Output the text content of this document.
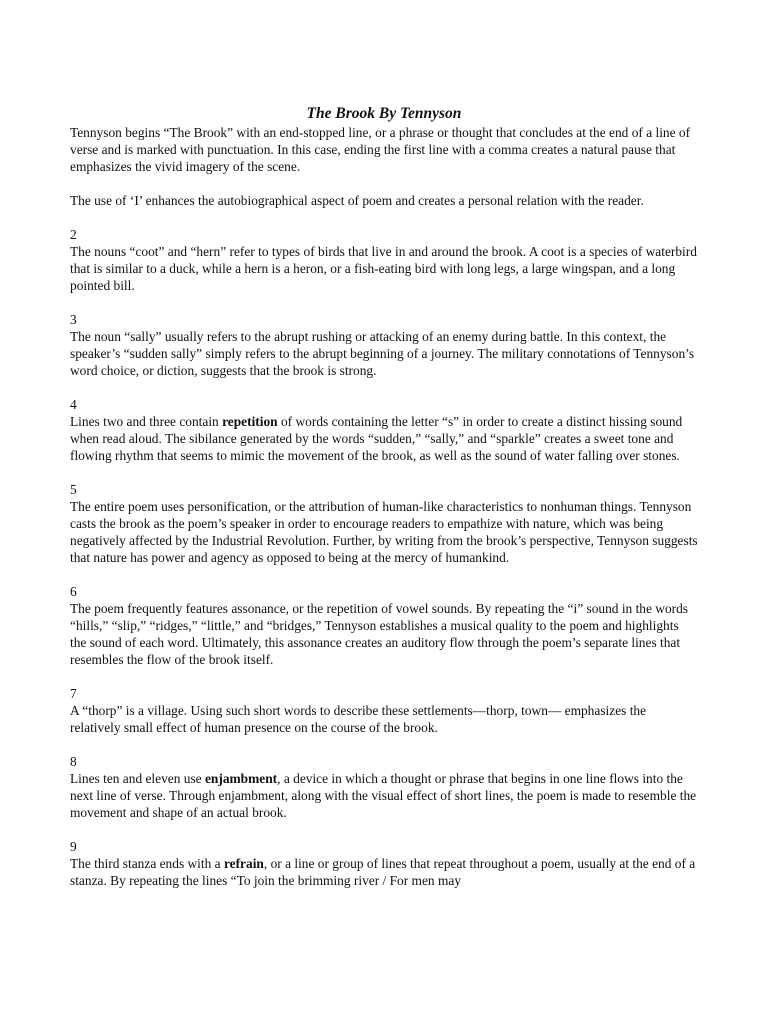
The Brook By Tennyson

Tennyson begins “The Brook” with an end-stopped line, or a phrase or thought that concludes at the end of a line of verse and is marked with punctuation. In this case, ending the first line with a comma creates a natural pause that emphasizes the vivid imagery of the scene.

The use of ‘I’ enhances the autobiographical aspect of poem and creates a personal relation with the reader.

2
The nouns “coot” and “hern” refer to types of birds that live in and around the brook. A coot is a species of waterbird that is similar to a duck, while a hern is a heron, or a fish-eating bird with long legs, a large wingspan, and a long pointed bill.
3
The noun “sally” usually refers to the abrupt rushing or attacking of an enemy during battle. In this context, the speaker’s “sudden sally” simply refers to the abrupt beginning of a journey. The military connotations of Tennyson’s word choice, or diction, suggests that the brook is strong.
4
Lines two and three contain repetition of words containing the letter “s” in order to create a distinct hissing sound when read aloud. The sibilance generated by the words “sudden,” “sally,” and “sparkle” creates a sweet tone and flowing rhythm that seems to mimic the movement of the brook, as well as the sound of water falling over stones.
5
The entire poem uses personification, or the attribution of human-like characteristics to nonhuman things. Tennyson casts the brook as the poem’s speaker in order to encourage readers to empathize with nature, which was being negatively affected by the Industrial Revolution. Further, by writing from the brook’s perspective, Tennyson suggests that nature has power and agency as opposed to being at the mercy of humankind.
6
The poem frequently features assonance, or the repetition of vowel sounds. By repeating the “i” sound in the words “hills,” “slip,” “ridges,” “little,” and “bridges,” Tennyson establishes a musical quality to the poem and highlights the sound of each word. Ultimately, this assonance creates an auditory flow through the poem’s separate lines that resembles the flow of the brook itself.
7
A “thorp” is a village. Using such short words to describe these settlements—thorp, town— emphasizes the relatively small effect of human presence on the course of the brook.
8
Lines ten and eleven use enjambment, a device in which a thought or phrase that begins in one line flows into the next line of verse. Through enjambment, along with the visual effect of short lines, the poem is made to resemble the movement and shape of an actual brook.
9
The third stanza ends with a refrain, or a line or group of lines that repeat throughout a poem, usually at the end of a stanza. By repeating the lines “To join the brimming river / For men may
